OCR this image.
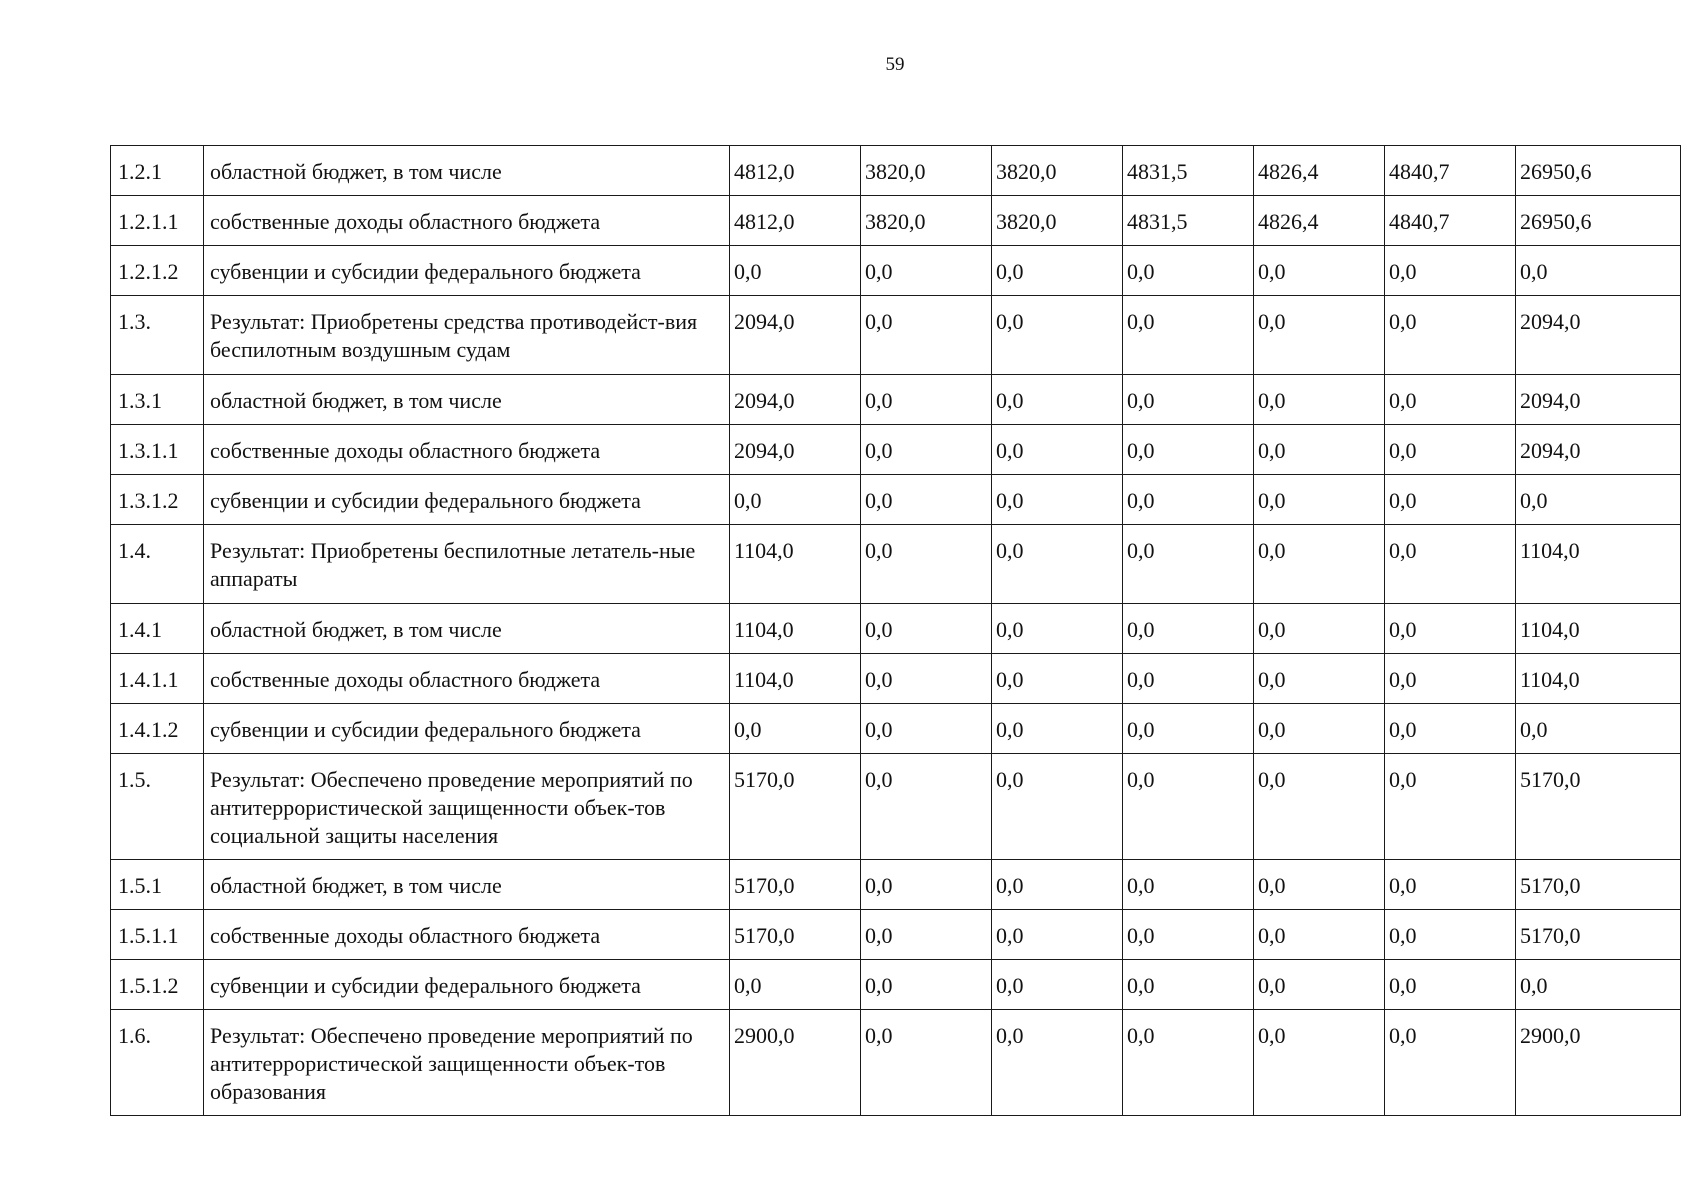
59
1.2.1	областной бюджет, в том числе	4812,0	3820,0	3820,0	4831,5	4826,4	4840,7	26950,6
1.2.1.1	собственные доходы областного бюджета	4812,0	3820,0	3820,0	4831,5	4826,4	4840,7	26950,6
1.2.1.2	субвенции и субсидии федерального бюджета	0,0	0,0	0,0	0,0	0,0	0,0	0,0
1.3.	Результат: Приобретены средства противодейст-вия беспилотным воздушным судам	2094,0	0,0	0,0	0,0	0,0	0,0	2094,0
1.3.1	областной бюджет, в том числе	2094,0	0,0	0,0	0,0	0,0	0,0	2094,0
1.3.1.1	собственные доходы областного бюджета	2094,0	0,0	0,0	0,0	0,0	0,0	2094,0
1.3.1.2	субвенции и субсидии федерального бюджета	0,0	0,0	0,0	0,0	0,0	0,0	0,0
1.4.	Результат: Приобретены беспилотные летатель-ные аппараты	1104,0	0,0	0,0	0,0	0,0	0,0	1104,0
1.4.1	областной бюджет, в том числе	1104,0	0,0	0,0	0,0	0,0	0,0	1104,0
1.4.1.1	собственные доходы областного бюджета	1104,0	0,0	0,0	0,0	0,0	0,0	1104,0
1.4.1.2	субвенции и субсидии федерального бюджета	0,0	0,0	0,0	0,0	0,0	0,0	0,0
1.5.	Результат: Обеспечено проведение мероприятий по антитеррористической защищенности объек-тов социальной защиты населения	5170,0	0,0	0,0	0,0	0,0	0,0	5170,0
1.5.1	областной бюджет, в том числе	5170,0	0,0	0,0	0,0	0,0	0,0	5170,0
1.5.1.1	собственные доходы областного бюджета	5170,0	0,0	0,0	0,0	0,0	0,0	5170,0
1.5.1.2	субвенции и субсидии федерального бюджета	0,0	0,0	0,0	0,0	0,0	0,0	0,0
1.6.	Результат: Обеспечено проведение мероприятий по антитеррористической защищенности объек-тов образования	2900,0	0,0	0,0	0,0	0,0	0,0	2900,0
